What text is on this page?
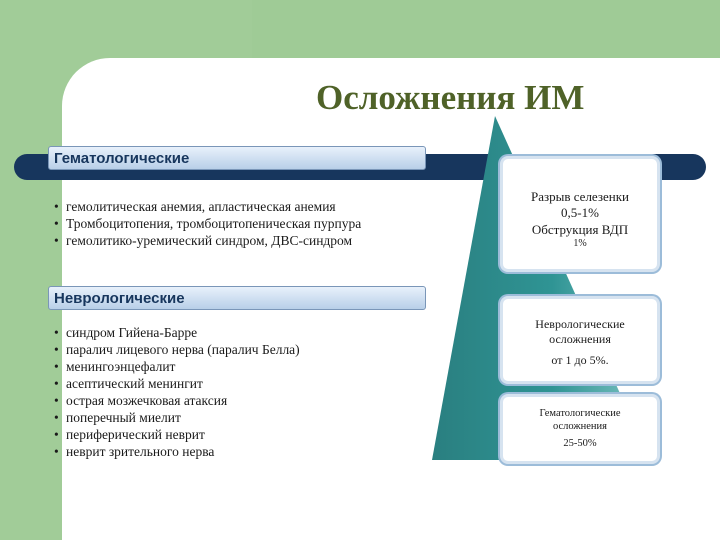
Осложнения ИМ
Гематологические
• гемолитическая анемия, апластическая анемия
• Тромбоцитопения, тромбоцитопеническая пурпура
• гемолитико-уремический синдром, ДВС-синдром
Неврологические
• синдром Гийена-Барре
• паралич лицевого нерва (паралич Белла)
• менингоэнцефалит
• асептический менингит
• острая мозжечковая атаксия
• поперечный миелит
• периферический неврит
• неврит зрительного нерва
Разрыв селезенки
0,5-1%
Обструкция ВДП
1%
Неврологические осложнения
от 1 до 5%.
Гематологические осложнения
25-50%
